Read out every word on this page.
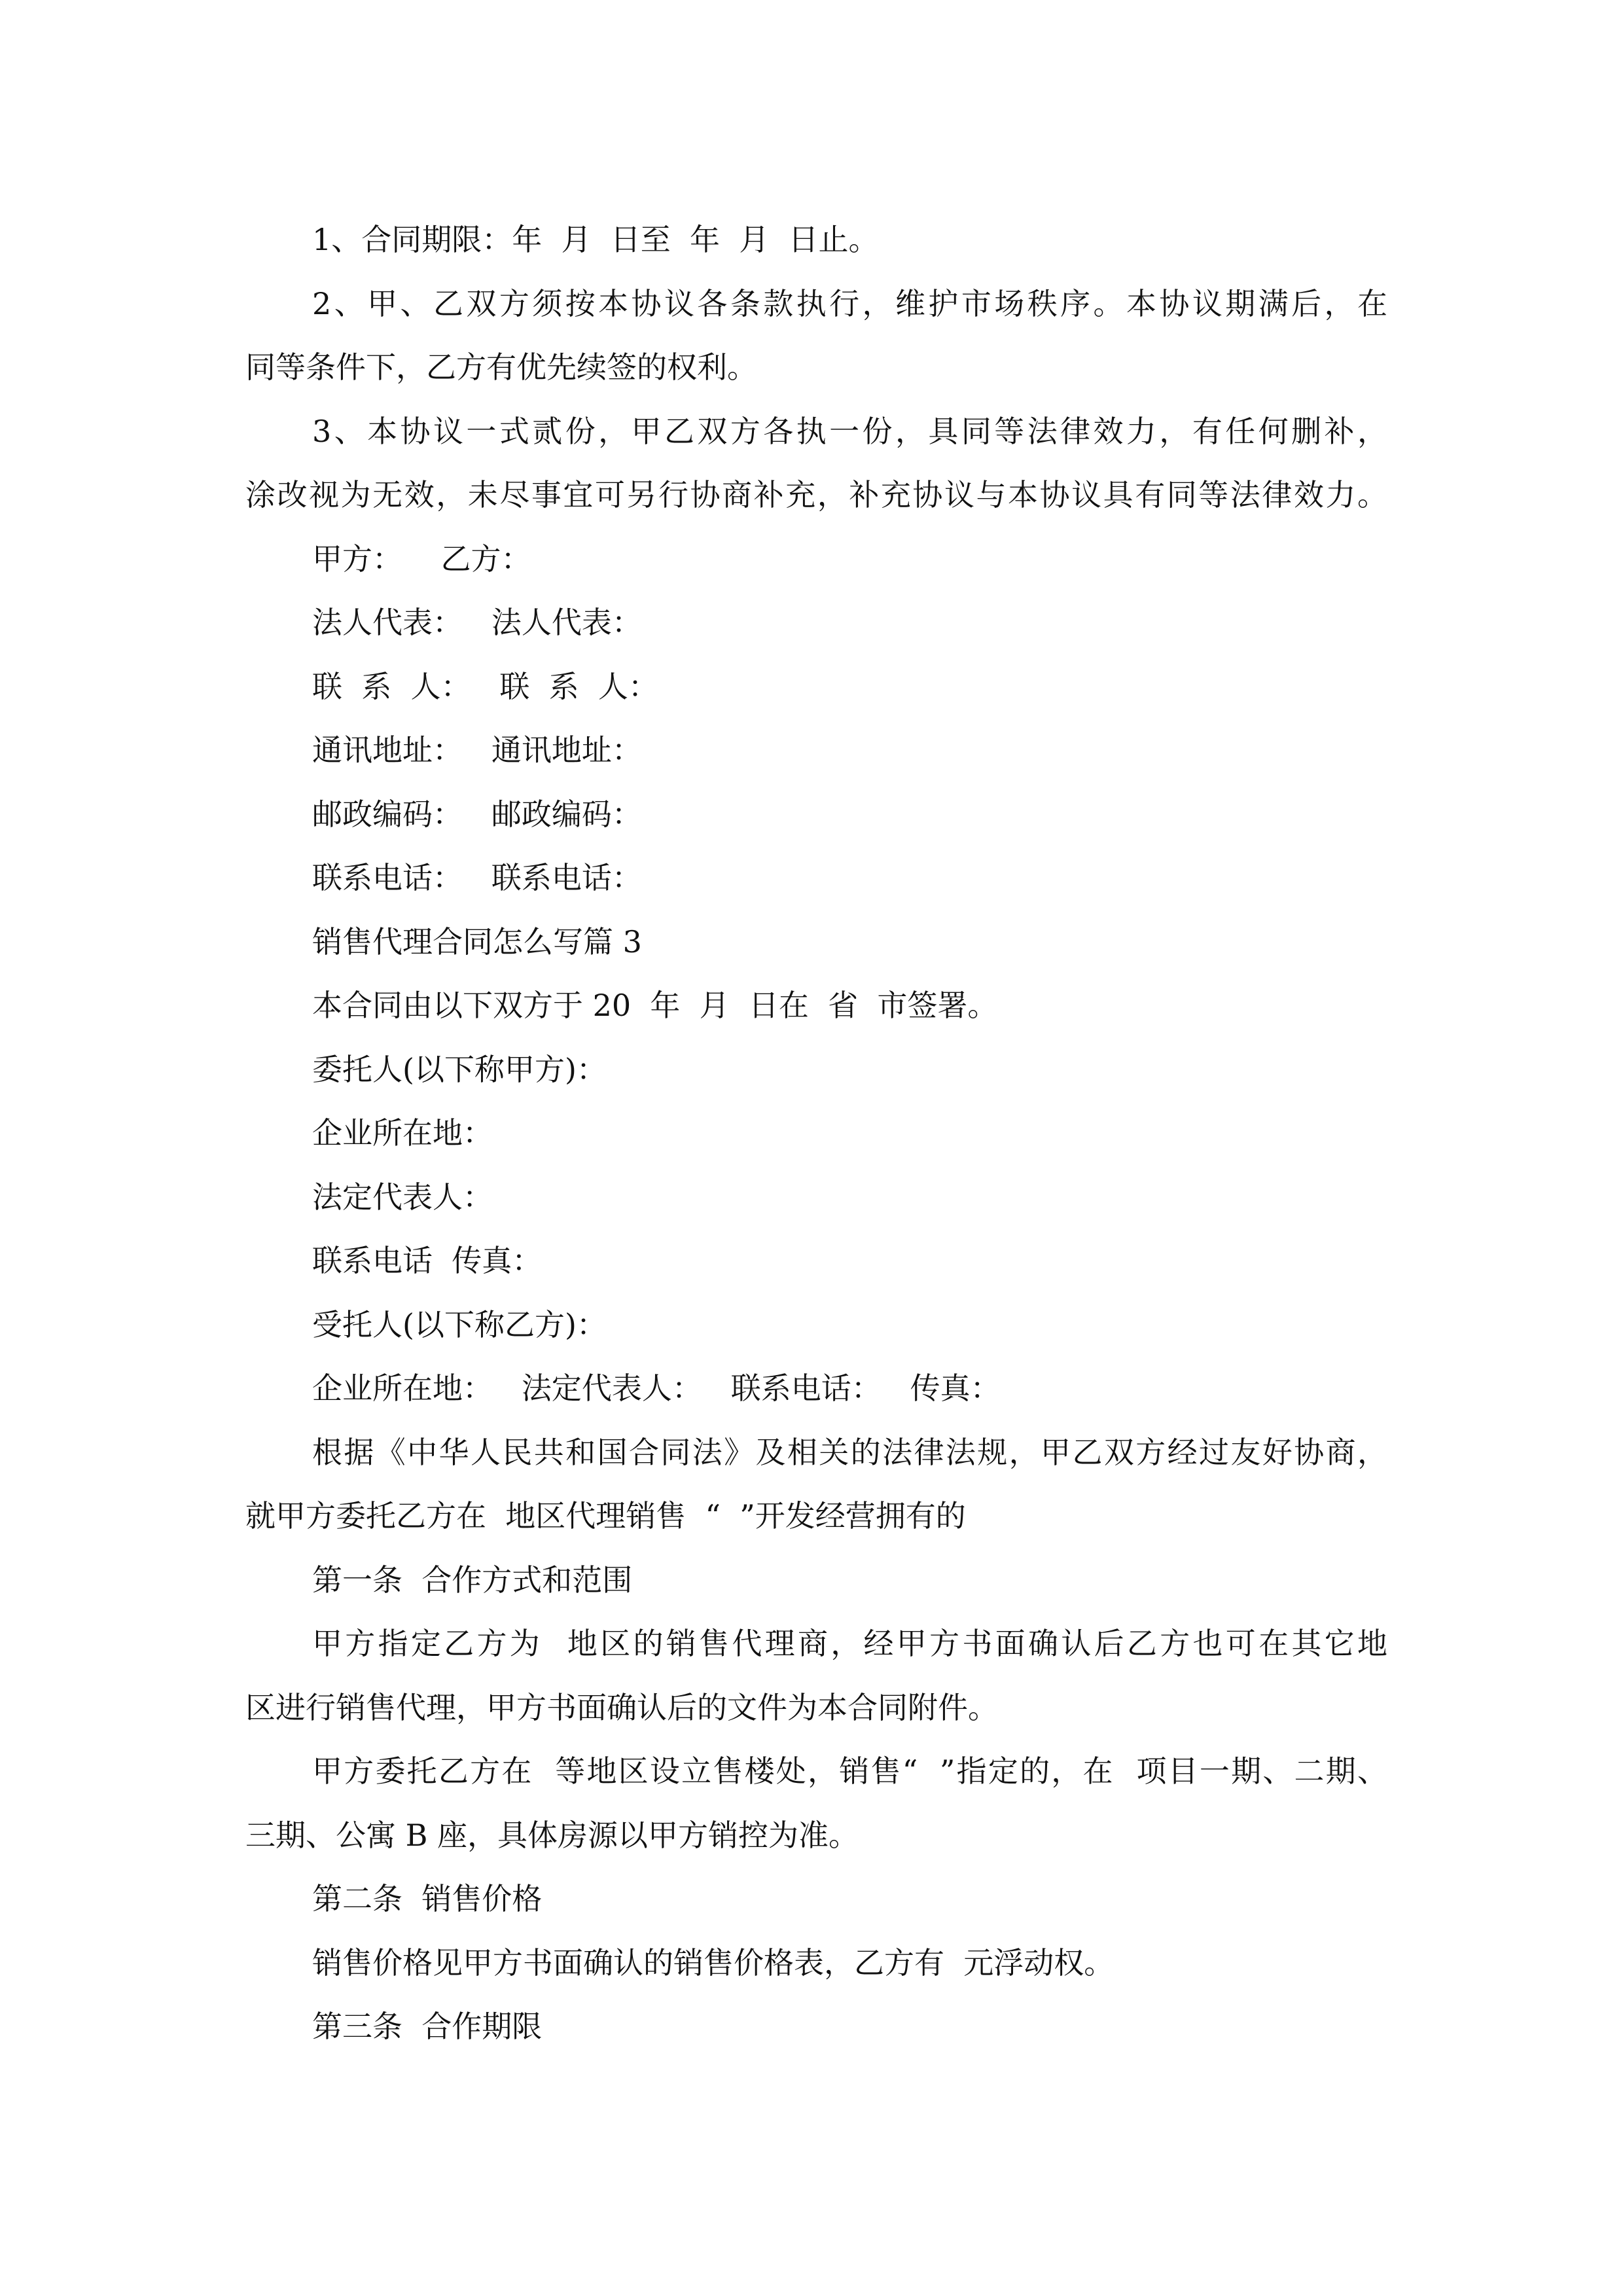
1、合同期限：年  月  日至  年  月  日止。

2、甲、乙双方须按本协议各条款执行，维护市场秩序。本协议期满后，在

同等条件下，乙方有优先续签的权利。

3、本协议一式贰份，甲乙双方各执一份，具同等法律效力，有任何删补，

涂改视为无效，未尽事宜可另行协商补充，补充协议与本协议具有同等法律效力。

甲方：    乙方：

法人代表：   法人代表：

联  系  人：   联  系  人：

通讯地址：   通讯地址：

邮政编码：   邮政编码：

联系电话：   联系电话：

销售代理合同怎么写篇 3

本合同由以下双方于 20  年  月  日在  省  市签署。

委托人(以下称甲方)：

企业所在地：

法定代表人：

联系电话  传真：

受托人(以下称乙方)：

企业所在地：   法定代表人：   联系电话：   传真：

根据《中华人民共和国合同法》及相关的法律法规，甲乙双方经过友好协商，

就甲方委托乙方在  地区代理销售  “  ”开发经营拥有的

第一条  合作方式和范围

甲方指定乙方为  地区的销售代理商，经甲方书面确认后乙方也可在其它地

区进行销售代理，甲方书面确认后的文件为本合同附件。

甲方委托乙方在  等地区设立售楼处，销售“  ”指定的，在  项目一期、二期、

三期、公寓 B 座，具体房源以甲方销控为准。

第二条  销售价格

销售价格见甲方书面确认的销售价格表，乙方有  元浮动权。

第三条  合作期限
